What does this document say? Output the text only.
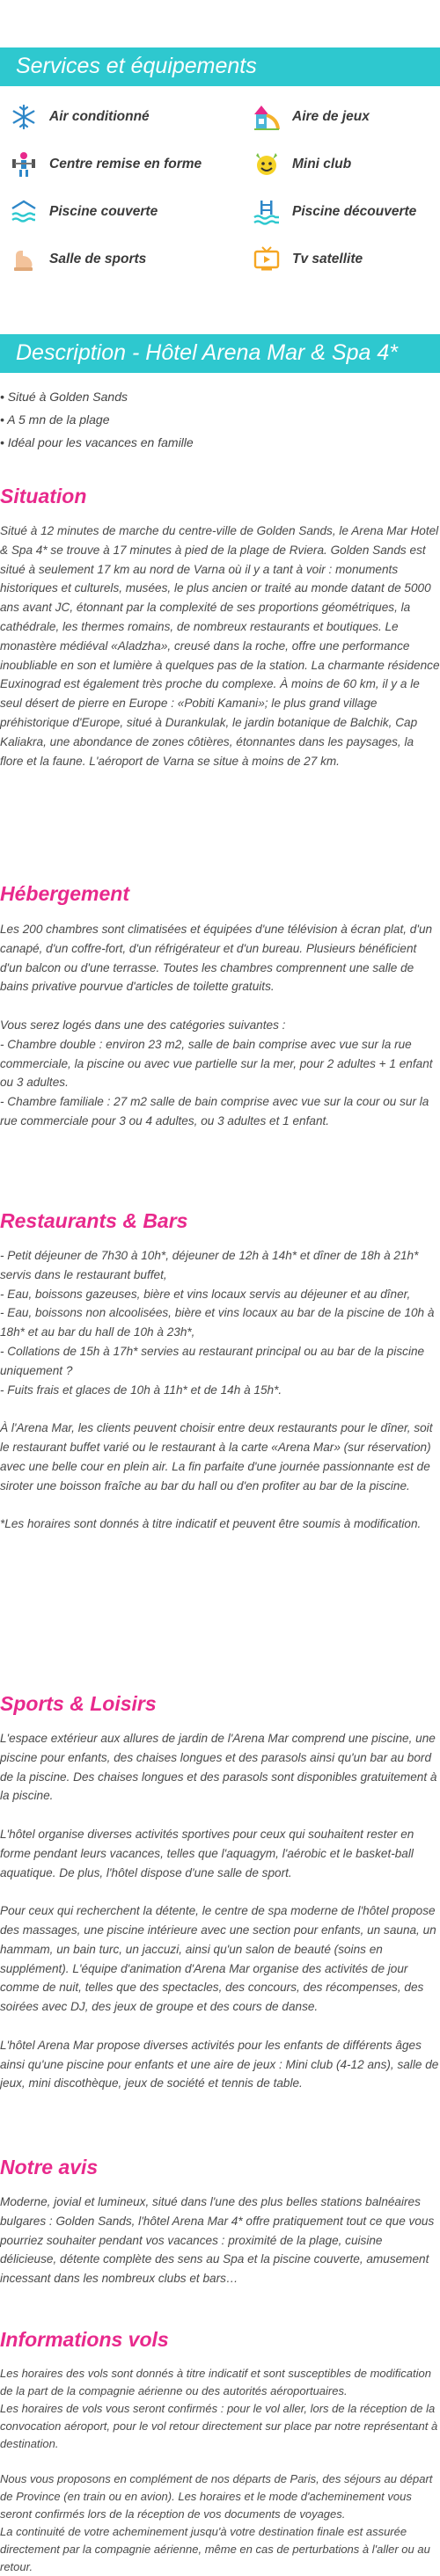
Services et équipements
Air conditionné	Aire de jeux
Centre remise en forme	Mini club
Piscine couverte	Piscine découverte
Salle de sports	Tv satellite
Description - Hôtel Arena Mar & Spa 4*
• Situé à Golden Sands
• A 5 mn de la plage
• Idéal pour les vacances en famille
Situation

Situé à 12 minutes de marche du centre-ville de Golden Sands, le Arena Mar Hotel & Spa 4* se trouve à 17 minutes à pied de la plage de Rviera. Golden Sands est situé à seulement 17 km au nord de Varna où il y a tant à voir : monuments historiques et culturels, musées, le plus ancien or traité au monde datant de 5000 ans avant JC, étonnant par la complexité de ses proportions géométriques, la cathédrale, les thermes romains, de nombreux restaurants et boutiques. Le monastère médiéval «Aladzha», creusé dans la roche, offre une performance inoubliable en son et lumière à quelques pas de la station. La charmante résidence Euxinograd est également très proche du complexe. À moins de 60 km, il y a le seul désert de pierre en Europe : «Pobiti Kamani»; le plus grand village préhistorique d'Europe, situé à Durankulak, le jardin botanique de Balchik, Cap Kaliakra, une abondance de zones côtières, étonnantes dans les paysages, la flore et la faune. L'aéroport de Varna se situe à moins de 27 km.

Hébergement

Les 200 chambres sont climatisées et équipées d'une télévision à écran plat, d'un canapé, d'un coffre-fort, d'un réfrigérateur et d'un bureau. Plusieurs bénéficient d'un balcon ou d'une terrasse. Toutes les chambres comprennent une salle de bains privative pourvue d'articles de toilette gratuits.

Vous serez logés dans une des catégories suivantes :
- Chambre double : environ 23 m2, salle de bain comprise avec vue sur la rue commerciale, la piscine ou avec vue partielle sur la mer, pour 2 adultes + 1 enfant ou 3 adultes.
- Chambre familiale : 27 m2 salle de bain comprise avec vue sur la cour ou sur la rue commerciale pour 3 ou 4 adultes, ou 3 adultes et 1 enfant.

Restaurants & Bars

- Petit déjeuner de 7h30 à 10h*, déjeuner de 12h à 14h* et dîner de 18h à 21h* servis dans le restaurant buffet,
- Eau, boissons gazeuses, bière et vins locaux servis au déjeuner et au dîner,
- Eau, boissons non alcoolisées, bière et vins locaux au bar de la piscine de 10h à 18h* et au bar du hall de 10h à 23h*,
- Collations de 15h à 17h* servies au restaurant principal ou au bar de la piscine uniquement ?
- Fuits frais et glaces de 10h à 11h* et de 14h à 15h*.

À l'Arena Mar, les clients peuvent choisir entre deux restaurants pour le dîner, soit le restaurant buffet varié ou le restaurant à la carte «Arena Mar» (sur réservation) avec une belle cour en plein air. La fin parfaite d'une journée passionnante est de siroter une boisson fraîche au bar du hall ou d'en profiter au bar de la piscine.

*Les horaires sont donnés à titre indicatif et peuvent être soumis à modification.

Sports & Loisirs

L'espace extérieur aux allures de jardin de l'Arena Mar comprend une piscine, une piscine pour enfants, des chaises longues et des parasols ainsi qu'un bar au bord de la piscine. Des chaises longues et des parasols sont disponibles gratuitement à la piscine.

L'hôtel organise diverses activités sportives pour ceux qui souhaitent rester en forme pendant leurs vacances, telles que l'aquagym, l'aérobic et le basket-ball aquatique. De plus, l'hôtel dispose d'une salle de sport.

Pour ceux qui recherchent la détente, le centre de spa moderne de l'hôtel propose des massages, une piscine intérieure avec une section pour enfants, un sauna, un hammam, un bain turc, un jaccuzi, ainsi qu'un salon de beauté (soins en supplément). L'équipe d'animation d'Arena Mar organise des activités de jour comme de nuit, telles que des spectacles, des concours, des récompenses, des soirées avec DJ, des jeux de groupe et des cours de danse.

L'hôtel Arena Mar propose diverses activités pour les enfants de différents âges ainsi qu'une piscine pour enfants et une aire de jeux : Mini club (4-12 ans), salle de jeux, mini discothèque, jeux de société et tennis de table.

Notre avis

Moderne, jovial et lumineux, situé dans l'une des plus belles stations balnéaires bulgares : Golden Sands, l'hôtel Arena Mar 4* offre pratiquement tout ce que vous pourriez souhaiter pendant vos vacances : proximité de la plage, cuisine délicieuse, détente complète des sens au Spa et la piscine couverte, amusement incessant dans les nombreux clubs et bars…

Informations vols

Les horaires des vols sont donnés à titre indicatif et sont susceptibles de modification de la part de la compagnie aérienne ou des autorités aéroportuaires.
Les horaires de vols vous seront confirmés : pour le vol aller, lors de la réception de la convocation aéroport, pour le vol retour directement sur place par notre représentant à destination.

Nous vous proposons en complément de nos départs de Paris, des séjours au départ de Province (en train ou en avion). Les horaires et le mode d'acheminement vous seront confirmés lors de la réception de vos documents de voyages.
La continuité de votre acheminement jusqu'à votre destination finale est assurée directement par la compagnie aérienne, même en cas de perturbations à l'aller ou au retour.
